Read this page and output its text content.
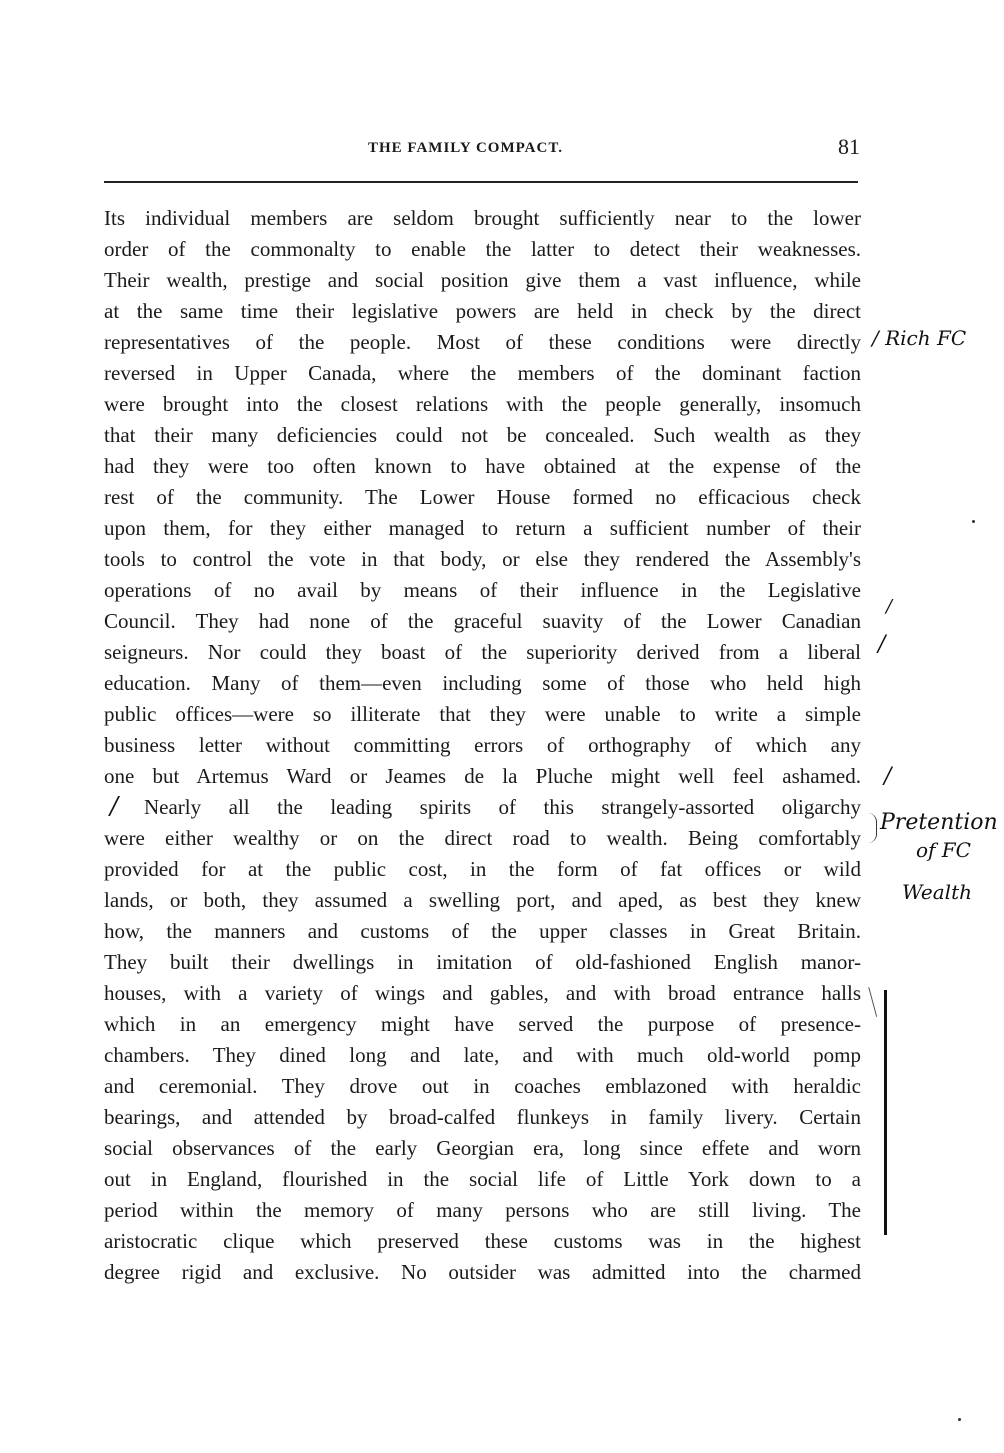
THE FAMILY COMPACT.	81
Its individual members are seldom brought sufficiently near to the lower
order of the commonalty to enable the latter to detect their weaknesses.
Their wealth, prestige and social position give them a vast influence, while
at the same time their legislative powers are held in check by the direct
representatives of the people. Most of these conditions were directly
reversed in Upper Canada, where the members of the dominant faction
were brought into the closest relations with the people generally, insomuch
that their many deficiencies could not be concealed. Such wealth as they
had they were too often known to have obtained at the expense of the
rest of the community. The Lower House formed no efficacious check
upon them, for they either managed to return a sufficient number of their
tools to control the vote in that body, or else they rendered the Assembly's
operations of no avail by means of their influence in the Legislative
Council. They had none of the graceful suavity of the Lower Canadian
seigneurs. Nor could they boast of the superiority derived from a liberal
education. Many of them—even including some of those who held high
public offices—were so illiterate that they were unable to write a simple
business letter without committing errors of orthography of which any
one but Artemus Ward or Jeames de la Pluche might well feel ashamed.
Nearly all the leading spirits of this strangely-assorted oligarchy
were either wealthy or on the direct road to wealth. Being comfortably
provided for at the public cost, in the form of fat offices or wild
lands, or both, they assumed a swelling port, and aped, as best they knew
how, the manners and customs of the upper classes in Great Britain.
They built their dwellings in imitation of old-fashioned English manor-
houses, with a variety of wings and gables, and with broad entrance halls
which in an emergency might have served the purpose of presence-
chambers. They dined long and late, and with much old-world pomp
and ceremonial. They drove out in coaches emblazoned with heraldic
bearings, and attended by broad-calfed flunkeys in family livery. Certain
social observances of the early Georgian era, long since effete and worn
out in England, flourished in the social life of Little York down to a
period within the memory of many persons who are still living. The
aristocratic clique which preserved these customs was in the highest
degree rigid and exclusive. No outsider was admitted into the charmed
/ Rich FC
/
/
/
/
Pretention
of FC
Wealth
